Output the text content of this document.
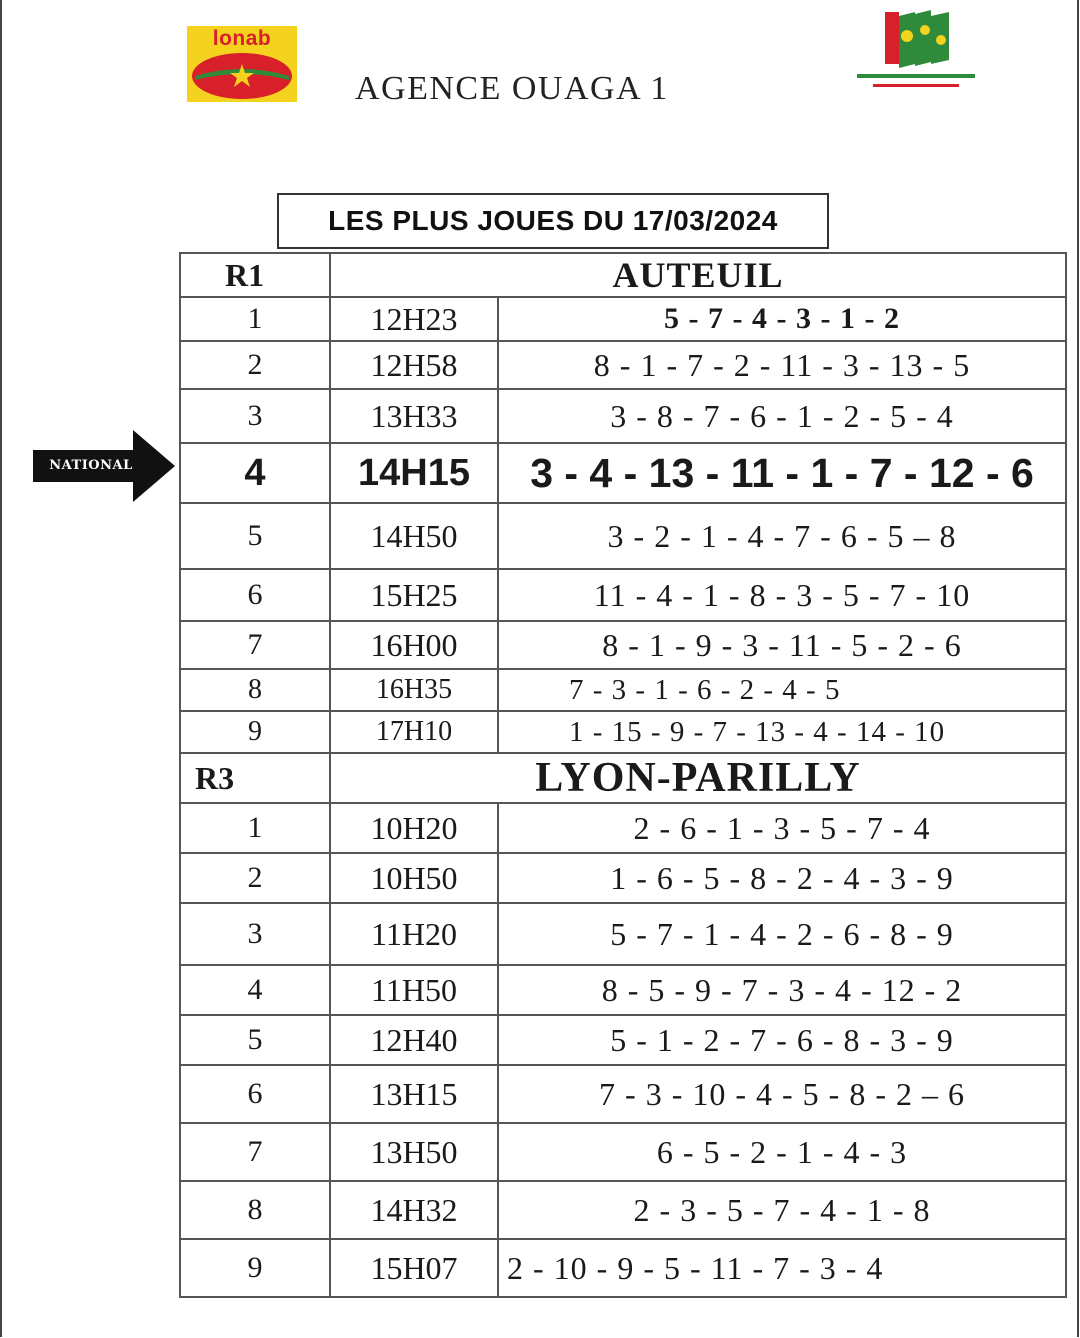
lonab
AGENCE OUAGA 1
LES PLUS JOUES DU 17/03/2024
NATIONAL
R1	AUTEUIL	
1	12H23	5 - 7 - 4 - 3 - 1 - 2
2	12H58	8 - 1 - 7 - 2 - 11 - 3 - 13 - 5
3	13H33	3 - 8 - 7 - 6 - 1 - 2 - 5 - 4
4	14H15	3 - 4 - 13 - 11 - 1 - 7 - 12 - 6
5	14H50	3 - 2 - 1 - 4 - 7 - 6 - 5 – 8
6	15H25	11 - 4 - 1 - 8 - 3 - 5 - 7 - 10
7	16H00	8 - 1 - 9 - 3 - 11 - 5 - 2 - 6
8	16H35	7 - 3 - 1 - 6 - 2 - 4 - 5
9	17H10	1 - 15 - 9 - 7 - 13 - 4 - 14 - 10
R3	LYON-PARILLY	
1	10H20	2 - 6 - 1 - 3 - 5 - 7 - 4
2	10H50	1 - 6 - 5 - 8 - 2 - 4 - 3 - 9
3	11H20	5 - 7 - 1 - 4 - 2 - 6 - 8 - 9
4	11H50	8 - 5 - 9 - 7 - 3 - 4 - 12 - 2
5	12H40	5 - 1 - 2 - 7 - 6 - 8 - 3 - 9
6	13H15	7 - 3 - 10 - 4 - 5 - 8 - 2 – 6
7	13H50	6 - 5 - 2 - 1 - 4 - 3
8	14H32	2 - 3 - 5 - 7 - 4 - 1 - 8
9	15H07	2 - 10 - 9 - 5 - 11 - 7 - 3 - 4
